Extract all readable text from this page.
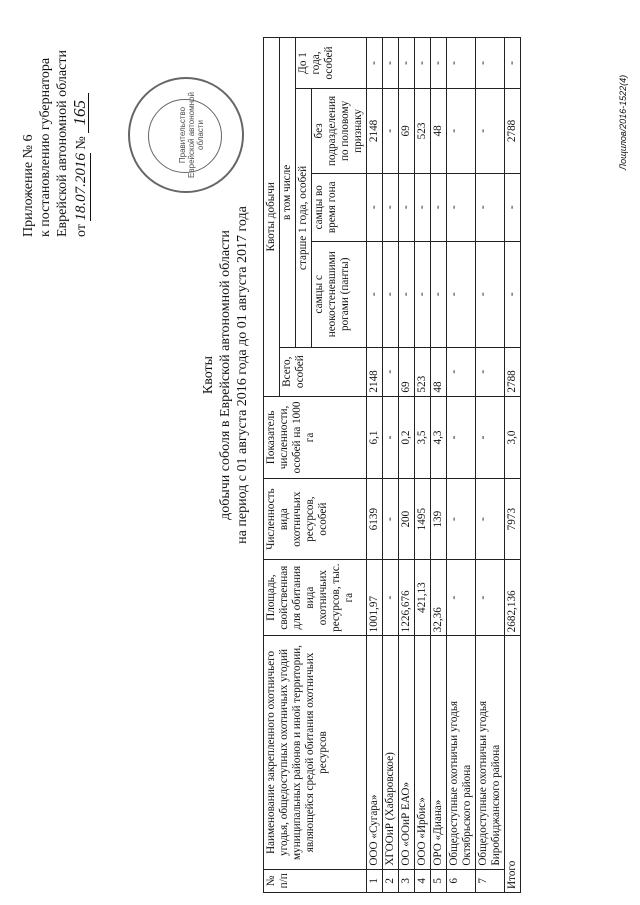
Приложение № 6 к постановлению губернатора Еврейской автономной области от 18.07.2016 № 165	Правительство Еврейской автономной области
Квоты добычи соболя в Еврейской автономной области на период с 01 августа 2016 года до 01 августа 2017 года
№ п/п	Наименование закрепленного охотничьего угодья, общедоступных охотничьих угодий муниципальных районов и иной территории, являющейся средой обитания охотничьих ресурсов	Площадь, свойственная для обитания вида охотничьих ресурсов, тыс. га	Численность вида охотничьих ресурсов, особей	Показатель численности, особей на 1000 га	Квоты добычи				
					Всего, особей	в том числе			
						старше 1 года, особей			До 1 года, особей
						самцы с неокостеневшими рогами (панты)	самцы во время гона	без подразделения по половому признаку	
1	ООО «Сугара»	1001,97	6139	6,1	2148	-	-	2148	-
2	ХГООиР (Хабаровское)	-	-	-	-	-	-	-	-
3	ОО «ООиР ЕАО»	1226,676	200	0,2	69	-	-	69	-
4	ООО «Ирбис»	421,13	1495	3,5	523	-	-	523	-
5	ОРО «Диана»	32,36	139	4,3	48	-	-	48	-
6	Общедоступные охотничьи угодья Октябрьского района	-	-	-	-	-	-	-	-
7	Общедоступные охотничьи угодья Биробиджанского района	-	-	-	-	-	-	-	-
Итого		2682,136	7973	3,0	2788	-	-	2788	-
Лощилов/2016-1522(4)
